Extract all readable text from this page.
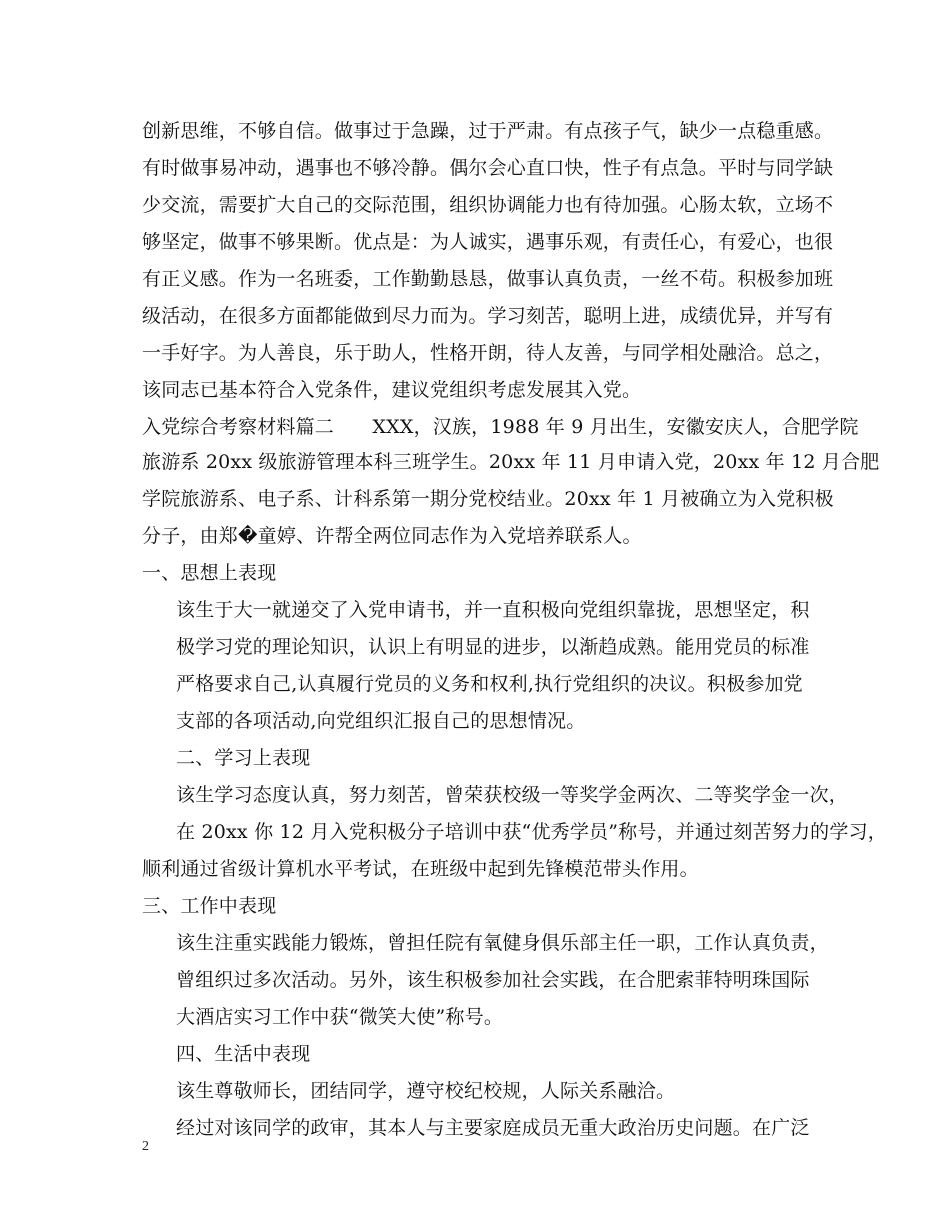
创新思维，不够自信。做事过于急躁，过于严肃。有点孩子气，缺少一点稳重感。
有时做事易冲动，遇事也不够冷静。偶尔会心直口快，性子有点急。平时与同学缺
少交流，需要扩大自己的交际范围，组织协调能力也有待加强。心肠太软，立场不
够坚定，做事不够果断。优点是：为人诚实，遇事乐观，有责任心，有爱心，也很
有正义感。作为一名班委，工作勤勤恳恳，做事认真负责，一丝不苟。积极参加班
级活动，在很多方面都能做到尽力而为。学习刻苦，聪明上进，成绩优异，并写有
一手好字。为人善良，乐于助人，性格开朗，待人友善，与同学相处融洽。总之，
该同志已基本符合入党条件，建议党组织考虑发展其入党。
入党综合考察材料篇二　　XXX，汉族，1988 年 9 月出生，安徽安庆人，合肥学院
旅游系 20xx 级旅游管理本科三班学生。20xx 年 11 月申请入党，20xx 年 12 月合肥
学院旅游系、电子系、计科系第一期分党校结业。20xx 年 1 月被确立为入党积极
分子，由郑�童婷、许帮全两位同志作为入党培养联系人。
一、思想上表现
该生于大一就递交了入党申请书，并一直积极向党组织靠拢，思想坚定，积
极学习党的理论知识，认识上有明显的进步，以渐趋成熟。能用党员的标准
严格要求自己,认真履行党员的义务和权利,执行党组织的决议。积极参加党
支部的各项活动,向党组织汇报自己的思想情况。
二、学习上表现
该生学习态度认真，努力刻苦，曾荣获校级一等奖学金两次、二等奖学金一次，
在 20xx 你 12 月入党积极分子培训中获“优秀学员”称号，并通过刻苦努力的学习，
顺利通过省级计算机水平考试，在班级中起到先锋模范带头作用。
三、工作中表现
该生注重实践能力锻炼，曾担任院有氧健身俱乐部主任一职，工作认真负责，
曾组织过多次活动。另外，该生积极参加社会实践，在合肥索菲特明珠国际
大酒店实习工作中获“微笑大使”称号。
四、生活中表现
该生尊敬师长，团结同学，遵守校纪校规，人际关系融洽。
经过对该同学的政审，其本人与主要家庭成员无重大政治历史问题。在广泛
2
